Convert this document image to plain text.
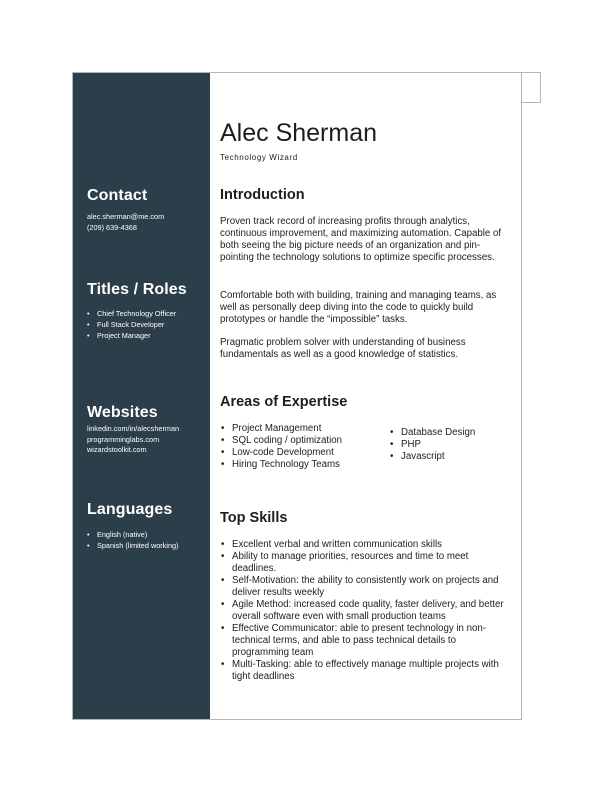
Contact
alec.sherman@me.com
(209) 639-4368
Titles / Roles
• Chief Technology Officer
• Full Stack Developer
• Project Manager
Websites
linkedin.com/in/alecsherman
programminglabs.com
wizardstoolkit.com
Languages
• English (native)
• Spanish (limited working)
Alec Sherman
Technology Wizard
Introduction

Proven track record of increasing profits through analytics, continuous improvement, and maximizing automation. Capable of both seeing the big picture needs of an organization and pin-pointing the technology solutions to optimize specific processes.

Comfortable both with building, training and managing teams, as well as personally deep diving into the code to quickly build prototypes or handle the “impossible” tasks.

Pragmatic problem solver with understanding of business fundamentals as well as a good knowledge of statistics.

Areas of Expertise
• Project Management
• SQL coding / optimization
• Low-code Development
• Hiring Technology Teams
• Database Design
• PHP
• Javascript
Top Skills
• Excellent verbal and written communication skills
• Ability to manage priorities, resources and time to meet deadlines.
• Self-Motivation: the ability to consistently work on projects and deliver results weekly
• Agile Method: increased code quality, faster delivery, and better overall software even with small production teams
• Effective Communicator: able to present technology in non-technical terms, and able to pass technical details to programming team
• Multi-Tasking: able to effectively manage multiple projects with tight deadlines
